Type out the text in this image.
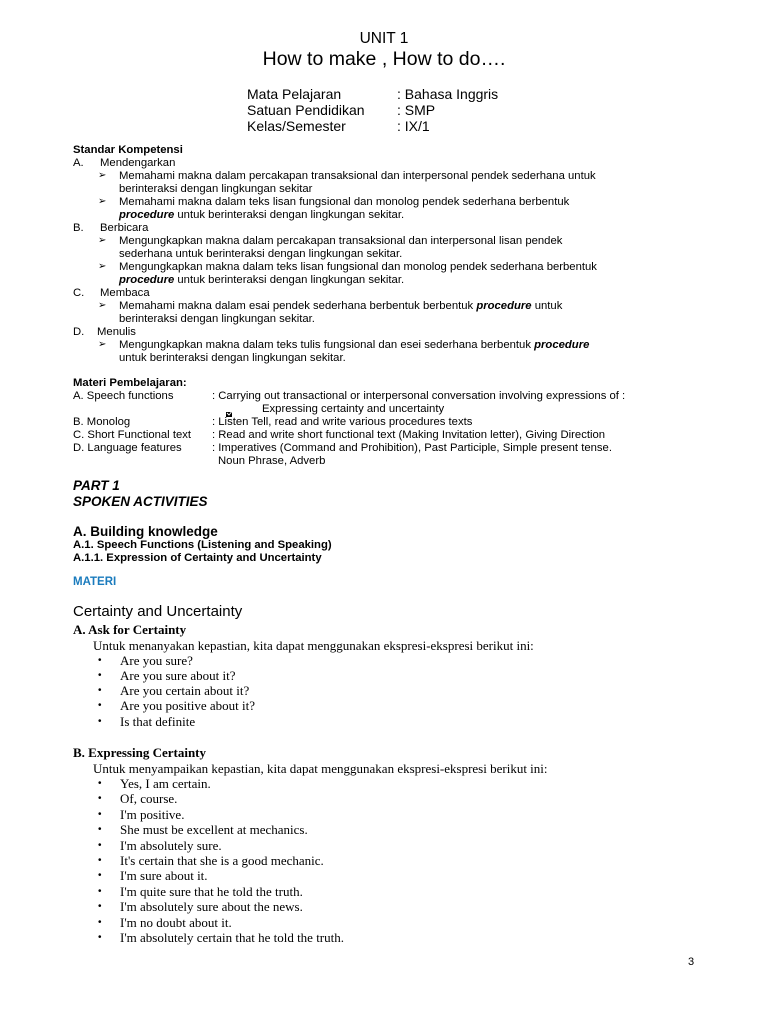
UNIT 1
How to make , How to do….
Mata Pelajaran	: Bahasa Inggris
Satuan Pendidikan : SMP
Kelas/Semester	: IX/1
Standar Kompetensi
A. Mendengarkan
➢ Memahami makna dalam percakapan transaksional dan interpersonal pendek sederhana untuk
berinteraksi dengan lingkungan sekitar
➢ Memahami makna dalam teks lisan fungsional dan monolog pendek sederhana berbentuk
procedure untuk berinteraksi dengan lingkungan sekitar.
B. Berbicara
➢ Mengungkapkan makna dalam percakapan transaksional dan interpersonal lisan pendek
sederhana untuk berinteraksi dengan lingkungan sekitar.
➢ Mengungkapkan makna dalam teks lisan fungsional dan monolog pendek sederhana berbentuk
procedure untuk berinteraksi dengan lingkungan sekitar.
C. Membaca
➢ Memahami makna dalam esai pendek sederhana berbentuk berbentuk procedure untuk
berinteraksi dengan lingkungan sekitar.
D. Menulis
➢ Mengungkapkan makna dalam teks tulis fungsional dan esei sederhana berbentuk procedure
untuk berinteraksi dengan lingkungan sekitar.
Materi Pembelajaran:
A. Speech functions	: Carrying out transactional or interpersonal conversation involving expressions of :
Expressing certainty and uncertainty
B. Monolog	: Listen Tell, read and write various procedures texts
C. Short Functional text : Read and write short functional text (Making Invitation letter), Giving Direction
D. Language features	: Imperatives (Command and Prohibition), Past Participle, Simple present tense.
Noun Phrase, Adverb
PART 1
SPOKEN ACTIVITIES
A. Building knowledge
A.1. Speech Functions (Listening and Speaking)
A.1.1. Expression of Certainty and Uncertainty
MATERI
Certainty and Uncertainty
A. Ask for Certainty
Untuk menanyakan kepastian, kita dapat menggunakan ekspresi-ekspresi berikut ini:
• Are you sure?
• Are you sure about it?
• Are you certain about it?
• Are you positive about it?
• Is that definite
B. Expressing Certainty
Untuk menyampaikan kepastian, kita dapat menggunakan ekspresi-ekspresi berikut ini:
• Yes, I am certain.
• Of, course.
• I'm positive.
• She must be excellent at mechanics.
• I'm absolutely sure.
• It's certain that she is a good mechanic.
• I'm sure about it.
• I'm quite sure that he told the truth.
• I'm absolutely sure about the news.
• I'm no doubt about it.
• I'm absolutely certain that he told the truth.
3
